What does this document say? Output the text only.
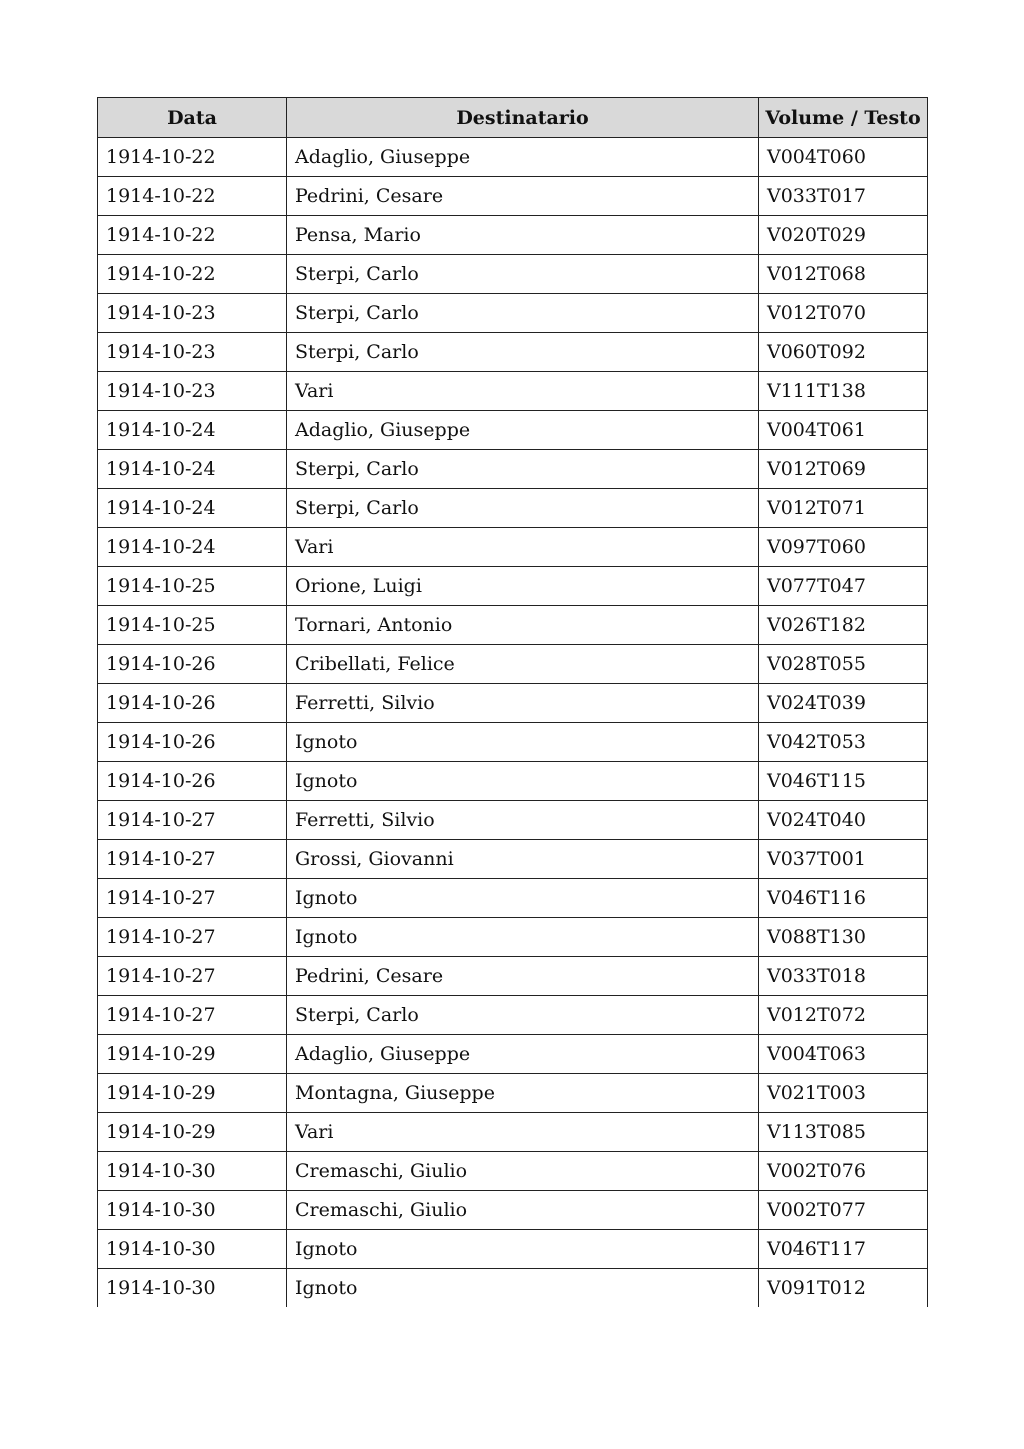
Data	Destinatario	Volume / Testo
1914-10-22	Adaglio, Giuseppe	V004T060
1914-10-22	Pedrini, Cesare	V033T017
1914-10-22	Pensa, Mario	V020T029
1914-10-22	Sterpi, Carlo	V012T068
1914-10-23	Sterpi, Carlo	V012T070
1914-10-23	Sterpi, Carlo	V060T092
1914-10-23	Vari	V111T138
1914-10-24	Adaglio, Giuseppe	V004T061
1914-10-24	Sterpi, Carlo	V012T069
1914-10-24	Sterpi, Carlo	V012T071
1914-10-24	Vari	V097T060
1914-10-25	Orione, Luigi	V077T047
1914-10-25	Tornari, Antonio	V026T182
1914-10-26	Cribellati, Felice	V028T055
1914-10-26	Ferretti, Silvio	V024T039
1914-10-26	Ignoto	V042T053
1914-10-26	Ignoto	V046T115
1914-10-27	Ferretti, Silvio	V024T040
1914-10-27	Grossi, Giovanni	V037T001
1914-10-27	Ignoto	V046T116
1914-10-27	Ignoto	V088T130
1914-10-27	Pedrini, Cesare	V033T018
1914-10-27	Sterpi, Carlo	V012T072
1914-10-29	Adaglio, Giuseppe	V004T063
1914-10-29	Montagna, Giuseppe	V021T003
1914-10-29	Vari	V113T085
1914-10-30	Cremaschi, Giulio	V002T076
1914-10-30	Cremaschi, Giulio	V002T077
1914-10-30	Ignoto	V046T117
1914-10-30	Ignoto	V091T012
